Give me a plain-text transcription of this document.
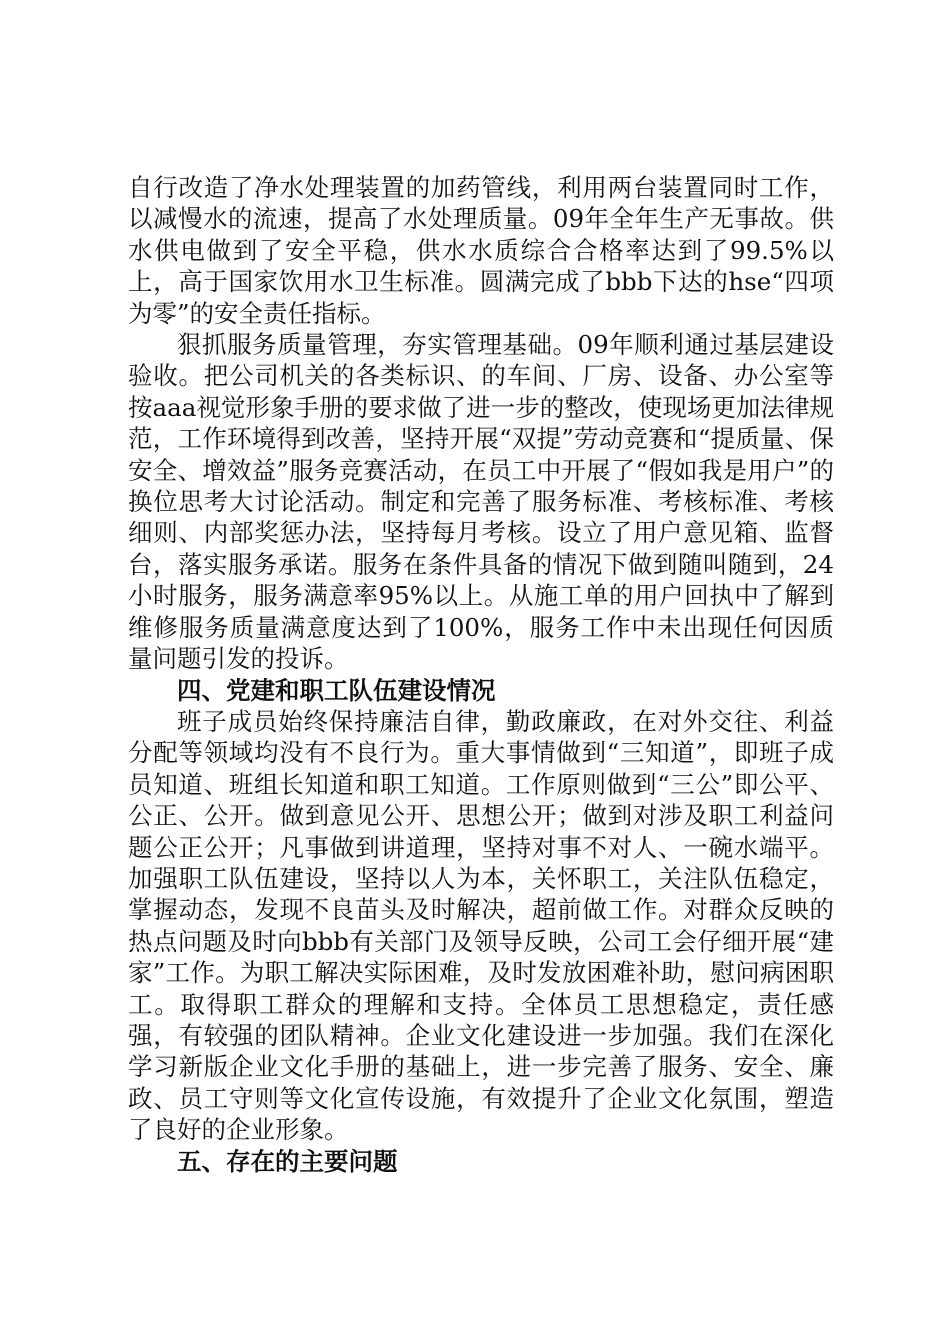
自行改造了净水处理装置的加药管线，利用两台装置同时工作，以减慢水的流速，提高了水处理质量。09年全年生产无事故。供水供电做到了安全平稳，供水水质综合合格率达到了99.5%以上，高于国家饮用水卫生标准。圆满完成了bbb下达的hse“四项为零”的安全责任指标。

狠抓服务质量管理，夯实管理基础。09年顺利通过基层建设验收。把公司机关的各类标识、的车间、厂房、设备、办公室等按aaa视觉形象手册的要求做了进一步的整改，使现场更加法律规范，工作环境得到改善，坚持开展“双提”劳动竞赛和“提质量、保安全、增效益”服务竞赛活动，在员工中开展了“假如我是用户”的换位思考大讨论活动。制定和完善了服务标准、考核标准、考核细则、内部奖惩办法，坚持每月考核。设立了用户意见箱、监督台，落实服务承诺。服务在条件具备的情况下做到随叫随到，24小时服务，服务满意率95%以上。从施工单的用户回执中了解到维修服务质量满意度达到了100%，服务工作中未出现任何因质量问题引发的投诉。

四、党建和职工队伍建设情况

班子成员始终保持廉洁自律，勤政廉政，在对外交往、利益分配等领域均没有不良行为。重大事情做到“三知道”，即班子成员知道、班组长知道和职工知道。工作原则做到“三公”即公平、公正、公开。做到意见公开、思想公开；做到对涉及职工利益问题公正公开；凡事做到讲道理，坚持对事不对人、一碗水端平。加强职工队伍建设，坚持以人为本，关怀职工，关注队伍稳定，掌握动态，发现不良苗头及时解决，超前做工作。对群众反映的热点问题及时向bbb有关部门及领导反映，公司工会仔细开展“建家”工作。为职工解决实际困难，及时发放困难补助，慰问病困职工。取得职工群众的理解和支持。全体员工思想稳定，责任感强，有较强的团队精神。企业文化建设进一步加强。我们在深化学习新版企业文化手册的基础上，进一步完善了服务、安全、廉政、员工守则等文化宣传设施，有效提升了企业文化氛围，塑造了良好的企业形象。

五、存在的主要问题
